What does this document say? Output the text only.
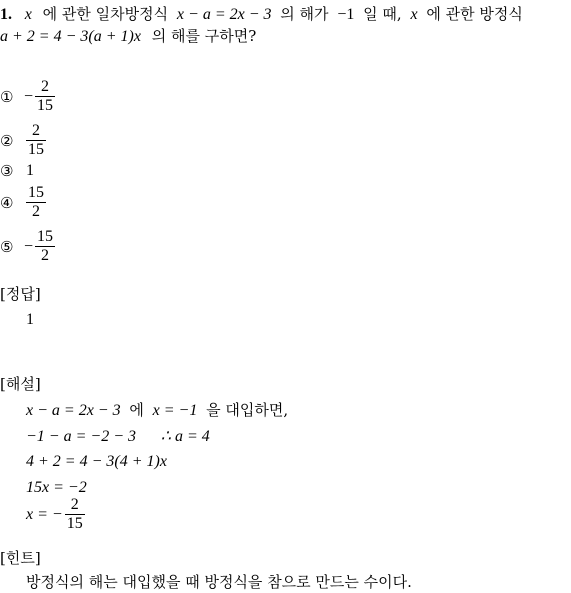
1. x 에 관한 일차방정식 x − a = 2x − 3 의 해가 −1 일 때, x 에 관한 방정식
a + 2 = 4 − 3(a + 1)x 의 해를 구하면?
① − $\frac{2}{15}$
② $\frac{2}{15}$
③ 1
④ $\frac{15}{2}$
⑤ − $\frac{15}{2}$
[정답]
1
[해설]
x − a = 2x − 3 에 x = −1 을 대입하면,
−1 − a = −2 − 3 ∴ a = 4
4 + 2 = 4 − 3(4 + 1)x
15x = −2
x = − $\frac{2}{15}$
[힌트]
방정식의 해는 대입했을 때 방정식을 참으로 만드는 수이다.
